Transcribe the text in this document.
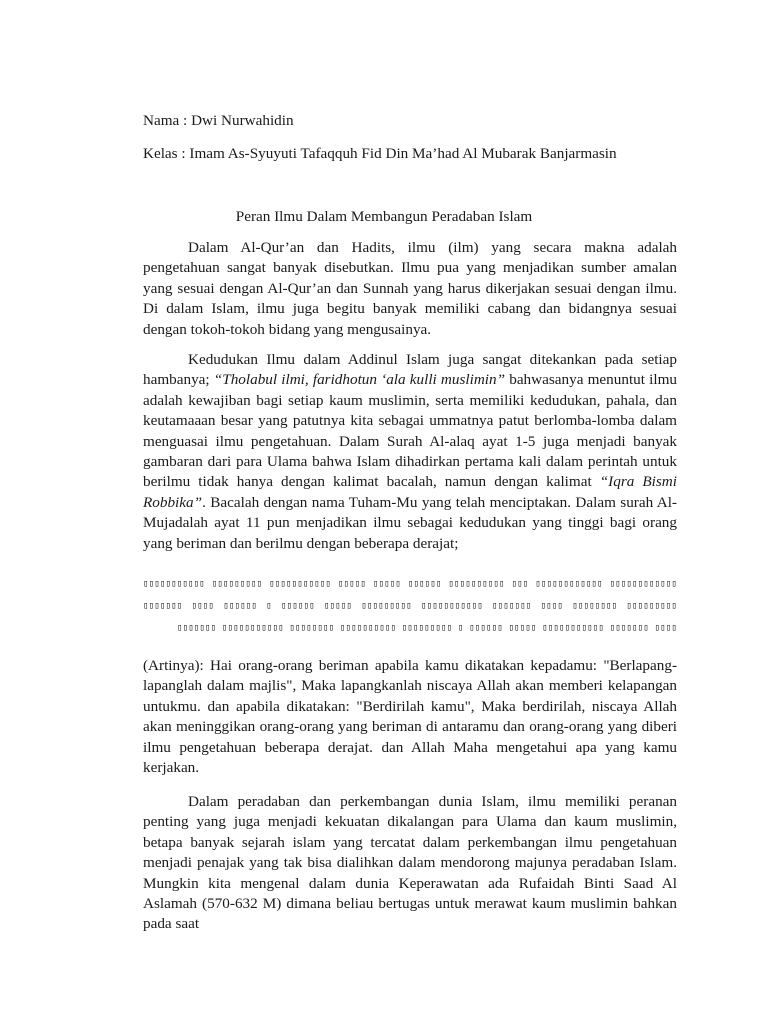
Nama : Dwi Nurwahidin
Kelas : Imam As-Syuyuti Tafaqquh Fid Din Ma’had Al Mubarak Banjarmasin
Peran Ilmu Dalam Membangun Peradaban Islam

Dalam Al-Qur’an dan Hadits, ilmu (ilm) yang secara makna adalah pengetahuan sangat banyak disebutkan. Ilmu pua yang menjadikan sumber amalan yang sesuai dengan Al-Qur’an dan Sunnah yang harus dikerjakan sesuai dengan ilmu. Di dalam Islam, ilmu juga begitu banyak memiliki cabang dan bidangnya sesuai dengan tokoh-tokoh bidang yang mengusainya.

Kedudukan Ilmu dalam Addinul Islam juga sangat ditekankan pada setiap hambanya; “Tholabul ilmi, faridhotun ‘ala kulli muslimin” bahwasanya menuntut ilmu adalah kewajiban bagi setiap kaum muslimin, serta memiliki kedudukan, pahala, dan keutamaaan besar yang patutnya kita sebagai ummatnya patut berlomba-lomba dalam menguasai ilmu pengetahuan. Dalam Surah Al-alaq ayat 1-5 juga menjadi banyak gambaran dari para Ulama bahwa Islam dihadirkan pertama kali dalam perintah untuk berilmu tidak hanya dengan kalimat bacalah, namun dengan kalimat “Iqra Bismi Robbika”. Bacalah dengan nama Tuham-Mu yang telah menciptakan. Dalam surah Al-Mujadalah ayat 11 pun menjadikan ilmu sebagai kedudukan yang tinggi bagi orang yang beriman dan berilmu dengan beberapa derajat;

▯▯▯▯▯▯▯▯▯▯▯ ▯▯▯▯▯▯▯▯▯ ▯▯▯▯▯▯▯▯▯▯▯ ▯▯▯▯▯ ▯▯▯▯▯ ▯▯▯▯▯▯ ▯▯▯▯▯▯▯▯▯▯ ▯▯▯ ▯▯▯▯▯▯▯▯▯▯▯▯ ▯▯▯▯▯▯▯▯▯▯▯▯
▯▯▯▯▯▯▯ ▯▯▯▯ ▯▯▯▯▯▯ ▯ ▯▯▯▯▯▯ ▯▯▯▯▯ ▯▯▯▯▯▯▯▯▯ ▯▯▯▯▯▯▯▯▯▯▯ ▯▯▯▯▯▯▯ ▯▯▯▯ ▯▯▯▯▯▯▯▯ ▯▯▯▯▯▯▯▯▯
▯▯▯▯▯▯▯ ▯▯▯▯▯▯▯▯▯▯▯ ▯▯▯▯▯▯▯▯ ▯▯▯▯▯▯▯▯▯▯ ▯▯▯▯▯▯▯▯▯ ▯ ▯▯▯▯▯▯ ▯▯▯▯▯ ▯▯▯▯▯▯▯▯▯▯▯ ▯▯▯▯▯▯▯ ▯▯▯▯

(Artinya): Hai orang-orang beriman apabila kamu dikatakan kepadamu: "Berlapang-lapanglah dalam majlis", Maka lapangkanlah niscaya Allah akan memberi kelapangan untukmu. dan apabila dikatakan: "Berdirilah kamu", Maka berdirilah, niscaya Allah akan meninggikan orang-orang yang beriman di antaramu dan orang-orang yang diberi ilmu pengetahuan beberapa derajat. dan Allah Maha mengetahui apa yang kamu kerjakan.

Dalam peradaban dan perkembangan dunia Islam, ilmu memiliki peranan penting yang juga menjadi kekuatan dikalangan para Ulama dan kaum muslimin, betapa banyak sejarah islam yang tercatat dalam perkembangan ilmu pengetahuan menjadi penajak yang tak bisa dialihkan dalam mendorong majunya peradaban Islam. Mungkin kita mengenal dalam dunia Keperawatan ada Rufaidah Binti Saad Al Aslamah (570-632 M) dimana beliau bertugas untuk merawat kaum muslimin bahkan pada saat
